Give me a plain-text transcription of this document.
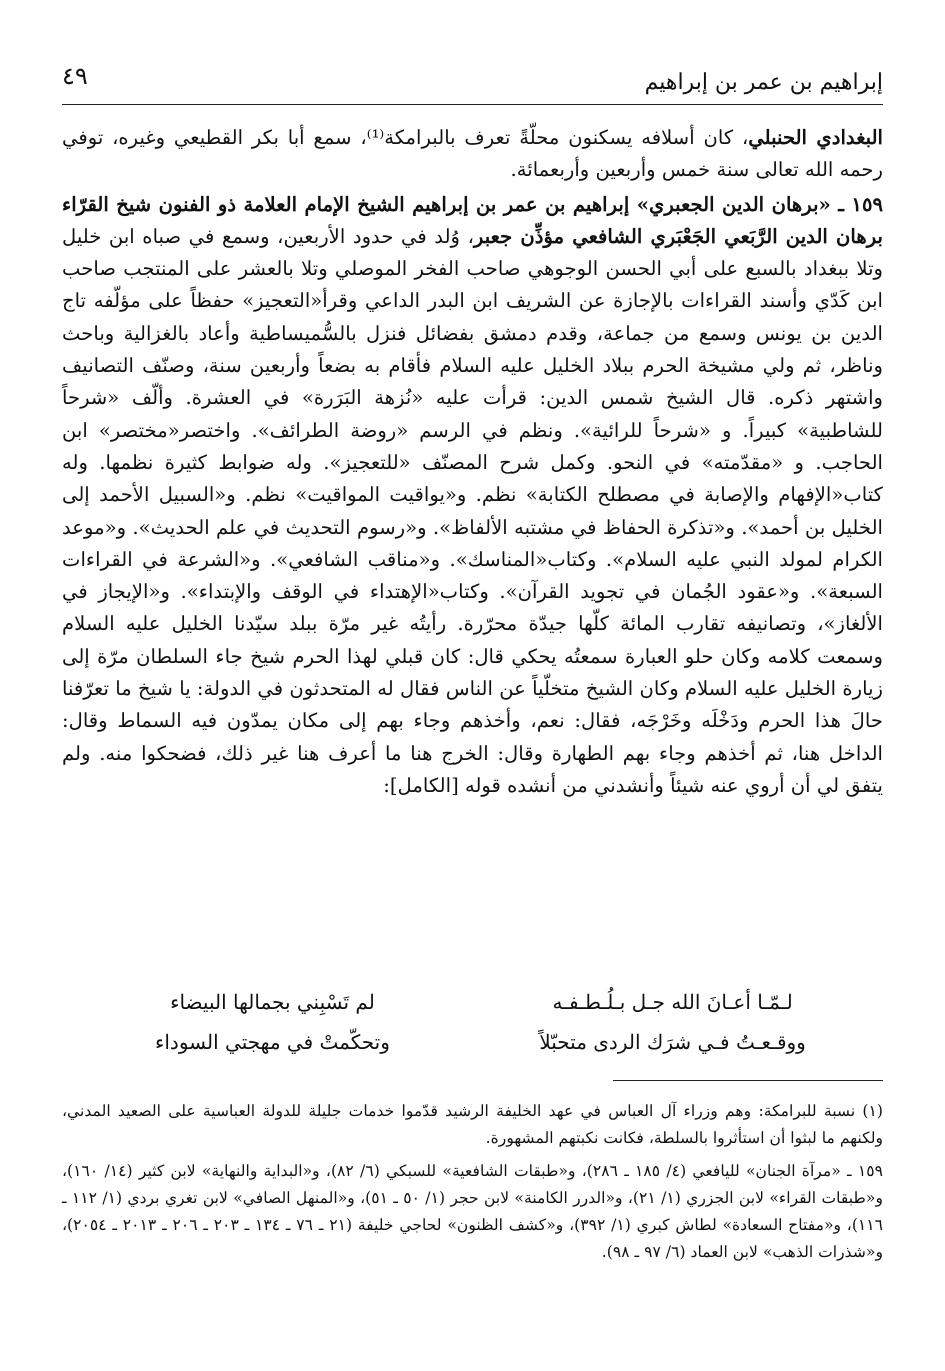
إبراهيم بن عمر بن إبراهيم
٤٩

البغدادي الحنبلي، كان أسلافه يسكنون محلّةً تعرف بالبرامكة⁽¹⁾، سمع أبا بكر القطيعي وغيره، توفي رحمه الله تعالى سنة خمس وأربعين وأربعمائة.

١٥٩ ـ «برهان الدين الجعبري» إبراهيم بن عمر بن إبراهيم الشيخ الإمام العلامة ذو الفنون شيخ القرّاء برهان الدين الرَّبَعي الجَعْبَري الشافعي مؤذِّن جعبر، وُلد في حدود الأربعين، وسمع في صباه ابن خليل وتلا ببغداد بالسبع على أبي الحسن الوجوهي صاحب الفخر الموصلي وتلا بالعشر على المنتجب صاحب ابن كَدّي وأسند القراءات بالإجازة عن الشريف ابن البدر الداعي وقرأ«التعجيز» حفظاً على مؤلّفه تاج الدين بن يونس وسمع من جماعة، وقدم دمشق بفضائل فنزل بالسُّميساطية وأعاد بالغزالية وباحث وناظر، ثم ولي مشيخة الحرم ببلاد الخليل عليه السلام فأقام به بضعاً وأربعين سنة، وصنّف التصانيف واشتهر ذكره. قال الشيخ شمس الدين: قرأت عليه «نُزهة البَرَرة» في العشرة. وألّف «شرحاً للشاطبية» كبيراً. و «شرحاً للرائية». ونظم في الرسم «روضة الطرائف». واختصر«مختصر» ابن الحاجب. و «مقدّمته» في النحو. وكمل شرح المصنّف «للتعجيز». وله ضوابط كثيرة نظمها. وله كتاب«الإفهام والإصابة في مصطلح الكتابة» نظم. و«يواقيت المواقيت» نظم. و«السبيل الأحمد إلى الخليل بن أحمد». و«تذكرة الحفاظ في مشتبه الألفاظ». و«رسوم التحديث في علم الحديث». و«موعد الكرام لمولد النبي عليه السلام». وكتاب«المناسك». و«مناقب الشافعي». و«الشرعة في القراءات السبعة». و«عقود الجُمان في تجويد القرآن». وكتاب«الإهتداء في الوقف والإبتداء». و«الإيجاز في الألغاز»، وتصانيفه تقارب المائة كلّها جيدّة محرّرة. رأيتُه غير مرّة ببلد سيّدنا الخليل عليه السلام وسمعت كلامه وكان حلو العبارة سمعتُه يحكي قال: كان قبلي لهذا الحرم شيخ جاء السلطان مرّة إلى زيارة الخليل عليه السلام وكان الشيخ متخلّياً عن الناس فقال له المتحدثون في الدولة: يا شيخ ما تعرّفنا حالَ هذا الحرم ودَخْلَه وخَرْجَه، فقال: نعم، وأخذهم وجاء بهم إلى مكان يمدّون فيه السماط وقال: الداخل هنا، ثم أخذهم وجاء بهم الطهارة وقال: الخرج هنا ما أعرف هنا غير ذلك، فضحكوا منه. ولم يتفق لي أن أروي عنه شيئاً وأنشدني من أنشده قوله [الكامل]:

لـمّـا أعـانَ الله جـل بـلُـطـفـه
لم تَسْبِني بجمالها البيضاء
ووقـعـتُ فـي شرَك الردى متحبّلاً
وتحكّمتْ في مهجتي السوداء

(١) نسبة للبرامكة: وهم وزراء آل العباس في عهد الخليفة الرشيد قدّموا خدمات جليلة للدولة العباسية على الصعيد المدني، ولكنهم ما لبثوا أن استأثروا بالسلطة، فكانت نكبتهم المشهورة.

١٥٩ ـ «مرآة الجنان» لليافعي (٤/ ١٨٥ ـ ٢٨٦)، و«طبقات الشافعية» للسبكي (٦/ ٨٢)، و«البداية والنهاية» لابن كثير (١٤/ ١٦٠)، و«طبقات القراء» لابن الجزري (١/ ٢١)، و«الدرر الكامنة» لابن حجر (١/ ٥٠ ـ ٥١)، و«المنهل الصافي» لابن تغري بردي (١/ ١١٢ ـ ١١٦)، و«مفتاح السعادة» لطاش كبري (١/ ٣٩٢)، و«كشف الظنون» لحاجي خليفة (٢١ ـ ٧٦ ـ ١٣٤ ـ ٢٠٣ ـ ٢٠٦ ـ ٢٠١٣ ـ ٢٠٥٤)، و«شذرات الذهب» لابن العماد (٦/ ٩٧ ـ ٩٨).
